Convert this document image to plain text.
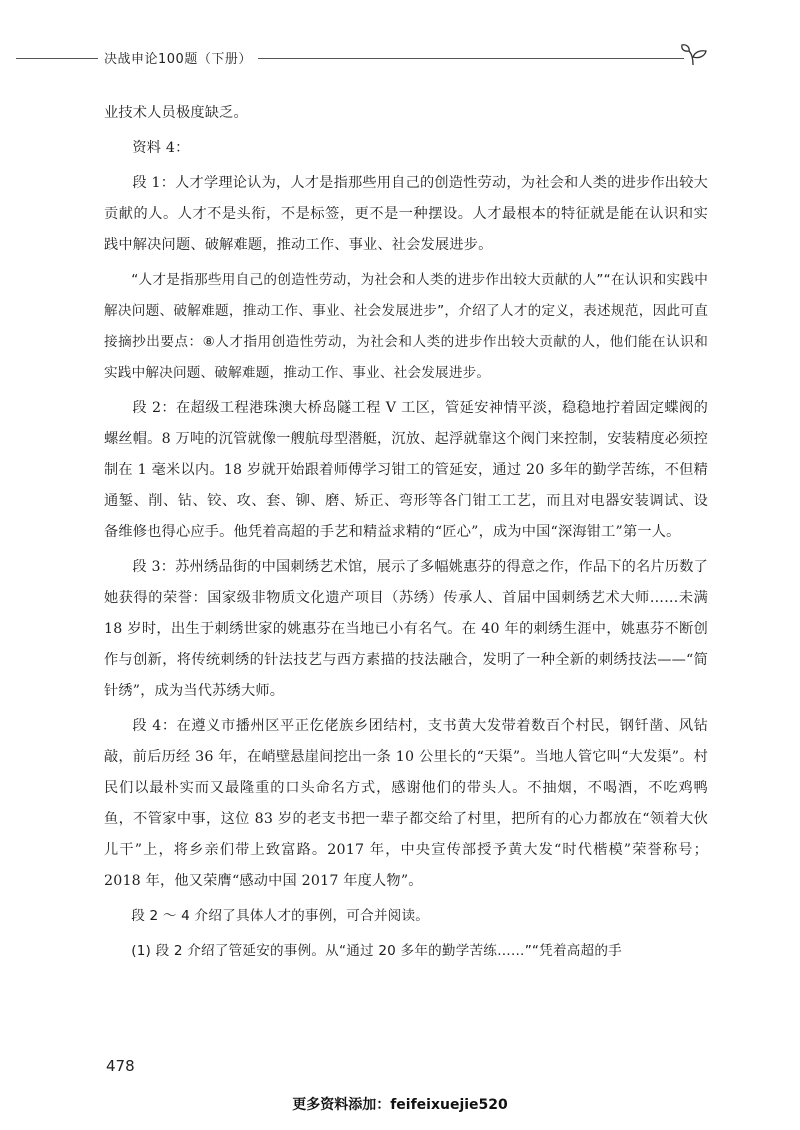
决战申论100题（下册）

业技术人员极度缺乏。

资料 4：

段 1：人才学理论认为，人才是指那些用自己的创造性劳动，为社会和人类的进步作出较大贡献的人。人才不是头衔，不是标签，更不是一种摆设。人才最根本的特征就是能在认识和实践中解决问题、破解难题，推动工作、事业、社会发展进步。

“人才是指那些用自己的创造性劳动，为社会和人类的进步作出较大贡献的人”“在认识和实践中解决问题、破解难题，推动工作、事业、社会发展进步”，介绍了人才的定义，表述规范，因此可直接摘抄出要点：⑧人才指用创造性劳动，为社会和人类的进步作出较大贡献的人，他们能在认识和实践中解决问题、破解难题，推动工作、事业、社会发展进步。

段 2：在超级工程港珠澳大桥岛隧工程 V 工区，管延安神情平淡，稳稳地拧着固定蝶阀的螺丝帽。8 万吨的沉管就像一艘航母型潜艇，沉放、起浮就靠这个阀门来控制，安装精度必须控制在 1 毫米以内。18 岁就开始跟着师傅学习钳工的管延安，通过 20 多年的勤学苦练，不但精通錾、削、钻、铰、攻、套、铆、磨、矫正、弯形等各门钳工工艺，而且对电器安装调试、设备维修也得心应手。他凭着高超的手艺和精益求精的“匠心”，成为中国“深海钳工”第一人。

段 3：苏州绣品街的中国刺绣艺术馆，展示了多幅姚惠芬的得意之作，作品下的名片历数了她获得的荣誉：国家级非物质文化遗产项目（苏绣）传承人、首届中国刺绣艺术大师……未满 18 岁时，出生于刺绣世家的姚惠芬在当地已小有名气。在 40 年的刺绣生涯中，姚惠芬不断创作与创新，将传统刺绣的针法技艺与西方素描的技法融合，发明了一种全新的刺绣技法——“简针绣”，成为当代苏绣大师。

段 4：在遵义市播州区平正仡佬族乡团结村，支书黄大发带着数百个村民，钢钎凿、风钻敲，前后历经 36 年，在峭壁悬崖间挖出一条 10 公里长的“天渠”。当地人管它叫“大发渠”。村民们以最朴实而又最隆重的口头命名方式，感谢他们的带头人。不抽烟，不喝酒，不吃鸡鸭鱼，不管家中事，这位 83 岁的老支书把一辈子都交给了村里，把所有的心力都放在“领着大伙儿干”上，将乡亲们带上致富路。2017 年，中央宣传部授予黄大发“时代楷模”荣誉称号；2018 年，他又荣膺“感动中国 2017 年度人物”。

段 2 ～ 4 介绍了具体人才的事例，可合并阅读。

(1) 段 2 介绍了管延安的事例。从“通过 20 多年的勤学苦练……”“凭着高超的手

478
更多资料添加：feifeixuejie520
